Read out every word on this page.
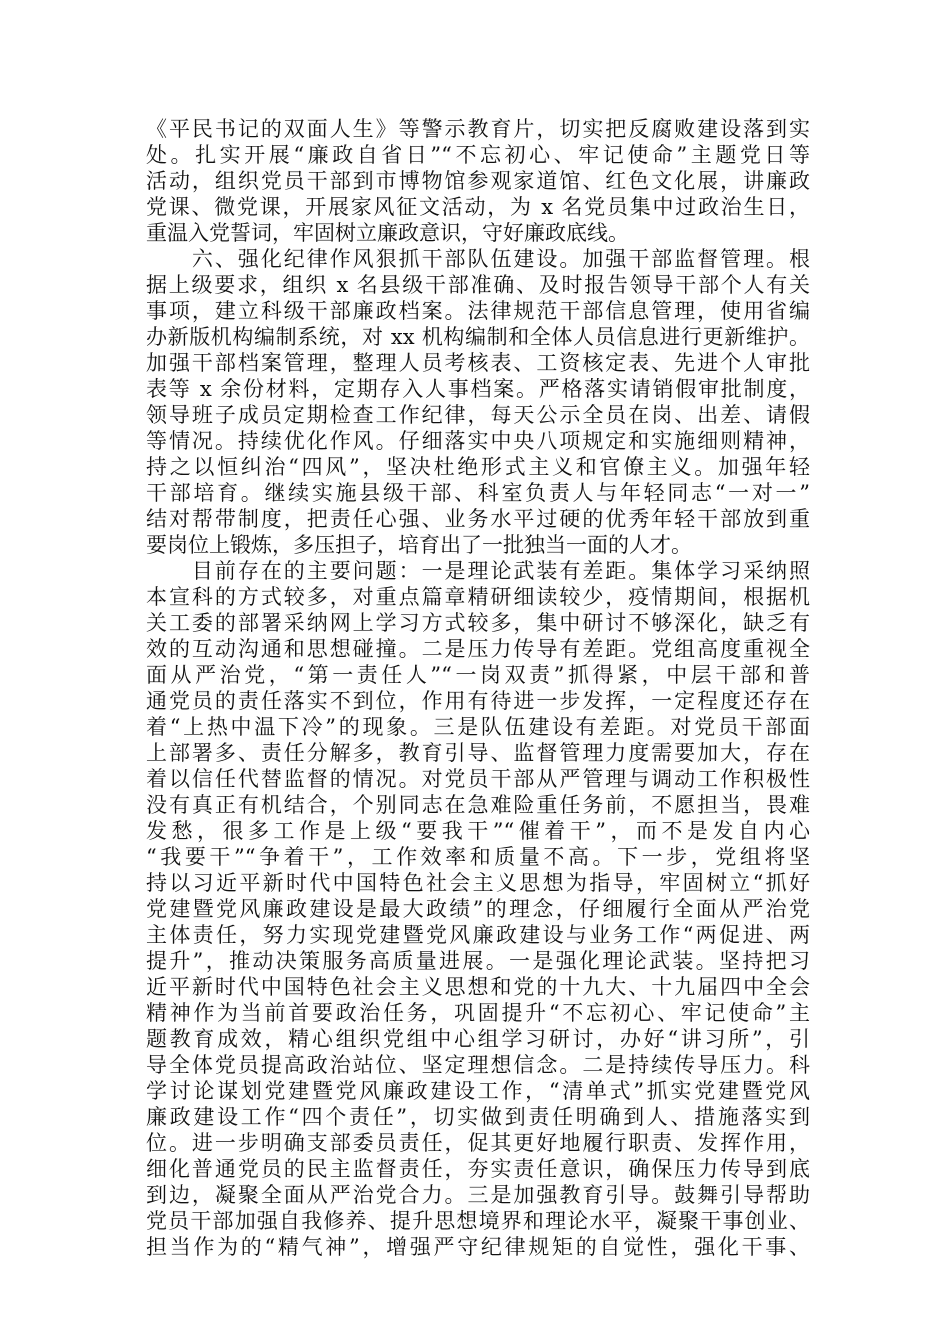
《平民书记的双面人生》等警示教育片，切实把反腐败建设落到实
处。扎实开展“廉政自省日”“不忘初心、牢记使命”主题党日等
活动，组织党员干部到市博物馆参观家道馆、红色文化展，讲廉政
党课、微党课，开展家风征文活动，为 x 名党员集中过政治生日，
重温入党誓词，牢固树立廉政意识，守好廉政底线。
　　六、强化纪律作风狠抓干部队伍建设。加强干部监督管理。根
据上级要求，组织 x 名县级干部准确、及时报告领导干部个人有关
事项，建立科级干部廉政档案。法律规范干部信息管理，使用省编
办新版机构编制系统，对 xx 机构编制和全体人员信息进行更新维护。
加强干部档案管理，整理人员考核表、工资核定表、先进个人审批
表等 x 余份材料，定期存入人事档案。严格落实请销假审批制度，
领导班子成员定期检查工作纪律，每天公示全员在岗、出差、请假
等情况。持续优化作风。仔细落实中央八项规定和实施细则精神，
持之以恒纠治“四风”，坚决杜绝形式主义和官僚主义。加强年轻
干部培育。继续实施县级干部、科室负责人与年轻同志“一对一”
结对帮带制度，把责任心强、业务水平过硬的优秀年轻干部放到重
要岗位上锻炼，多压担子，培育出了一批独当一面的人才。
　　目前存在的主要问题：一是理论武装有差距。集体学习采纳照
本宣科的方式较多，对重点篇章精研细读较少，疫情期间，根据机
关工委的部署采纳网上学习方式较多，集中研讨不够深化，缺乏有
效的互动沟通和思想碰撞。二是压力传导有差距。党组高度重视全
面从严治党，“第一责任人”“一岗双责”抓得紧，中层干部和普
通党员的责任落实不到位，作用有待进一步发挥，一定程度还存在
着“上热中温下冷”的现象。三是队伍建设有差距。对党员干部面
上部署多、责任分解多，教育引导、监督管理力度需要加大，存在
着以信任代替监督的情况。对党员干部从严管理与调动工作积极性
没有真正有机结合，个别同志在急难险重任务前，不愿担当，畏难
发愁，很多工作是上级“要我干”“催着干”，而不是发自内心
“我要干”“争着干”，工作效率和质量不高。下一步，党组将坚
持以习近平新时代中国特色社会主义思想为指导，牢固树立“抓好
党建暨党风廉政建设是最大政绩”的理念，仔细履行全面从严治党
主体责任，努力实现党建暨党风廉政建设与业务工作“两促进、两
提升”，推动决策服务高质量进展。一是强化理论武装。坚持把习
近平新时代中国特色社会主义思想和党的十九大、十九届四中全会
精神作为当前首要政治任务，巩固提升“不忘初心、牢记使命”主
题教育成效，精心组织党组中心组学习研讨，办好“讲习所”，引
导全体党员提高政治站位、坚定理想信念。二是持续传导压力。科
学讨论谋划党建暨党风廉政建设工作，“清单式”抓实党建暨党风
廉政建设工作“四个责任”，切实做到责任明确到人、措施落实到
位。进一步明确支部委员责任，促其更好地履行职责、发挥作用，
细化普通党员的民主监督责任，夯实责任意识，确保压力传导到底
到边，凝聚全面从严治党合力。三是加强教育引导。鼓舞引导帮助
党员干部加强自我修养、提升思想境界和理论水平，凝聚干事创业、
担当作为的“精气神”，增强严守纪律规矩的自觉性，强化干事、
